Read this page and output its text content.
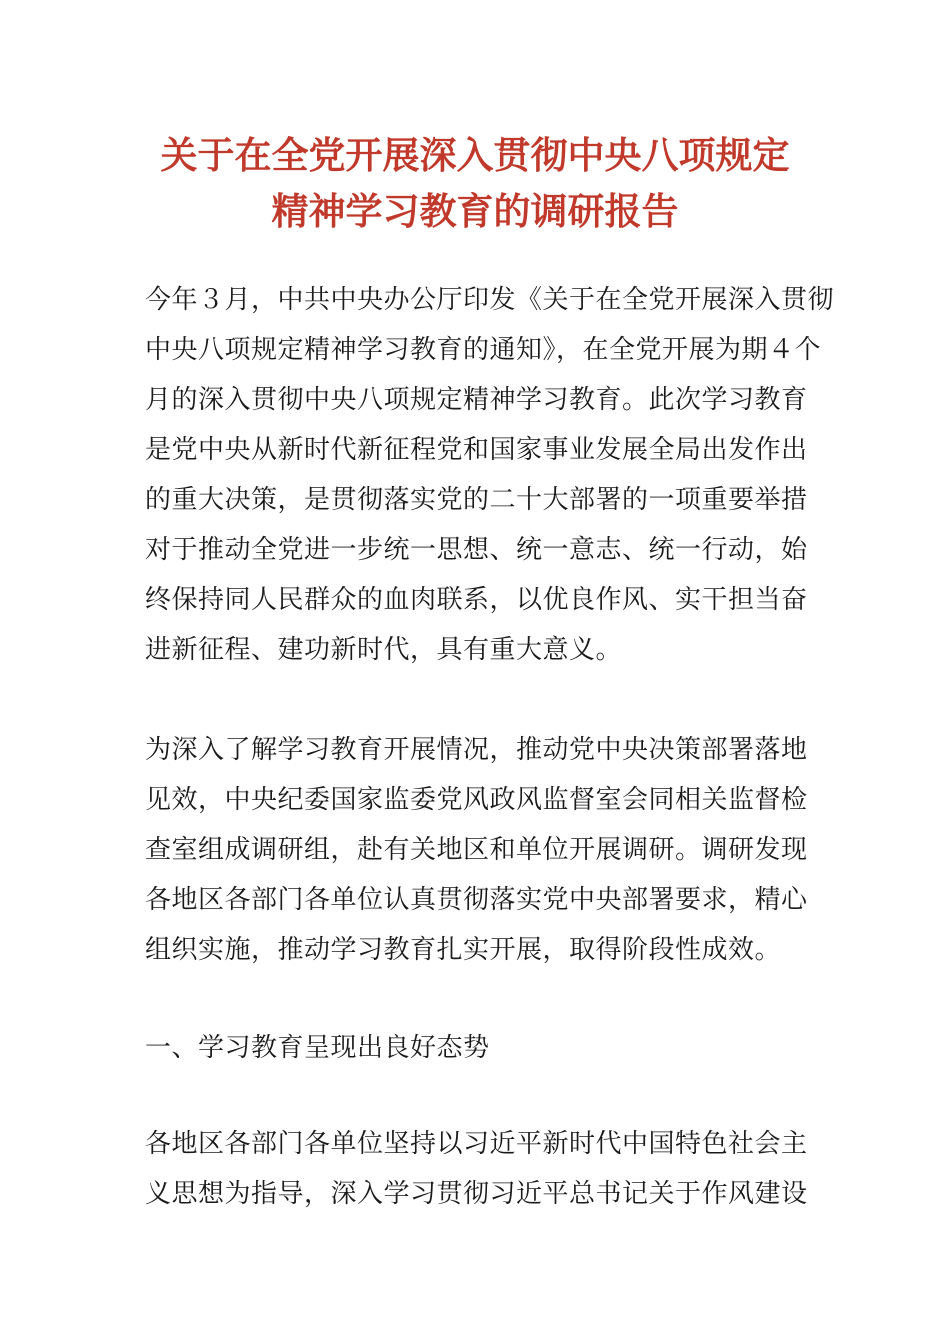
关于在全党开展深入贯彻中央八项规定
精神学习教育的调研报告

今年３月，中共中央办公厅印发《关于在全党开展深入贯彻
中央八项规定精神学习教育的通知》，在全党开展为期４个
月的深入贯彻中央八项规定精神学习教育。此次学习教育
是党中央从新时代新征程党和国家事业发展全局出发作出
的重大决策，是贯彻落实党的二十大部署的一项重要举措
对于推动全党进一步统一思想、统一意志、统一行动，始
终保持同人民群众的血肉联系，以优良作风、实干担当奋
进新征程、建功新时代，具有重大意义。

为深入了解学习教育开展情况，推动党中央决策部署落地
见效，中央纪委国家监委党风政风监督室会同相关监督检
查室组成调研组，赴有关地区和单位开展调研。调研发现
各地区各部门各单位认真贯彻落实党中央部署要求，精心
组织实施，推动学习教育扎实开展，取得阶段性成效。

一、学习教育呈现出良好态势

各地区各部门各单位坚持以习近平新时代中国特色社会主
义思想为指导，深入学习贯彻习近平总书记关于作风建设
